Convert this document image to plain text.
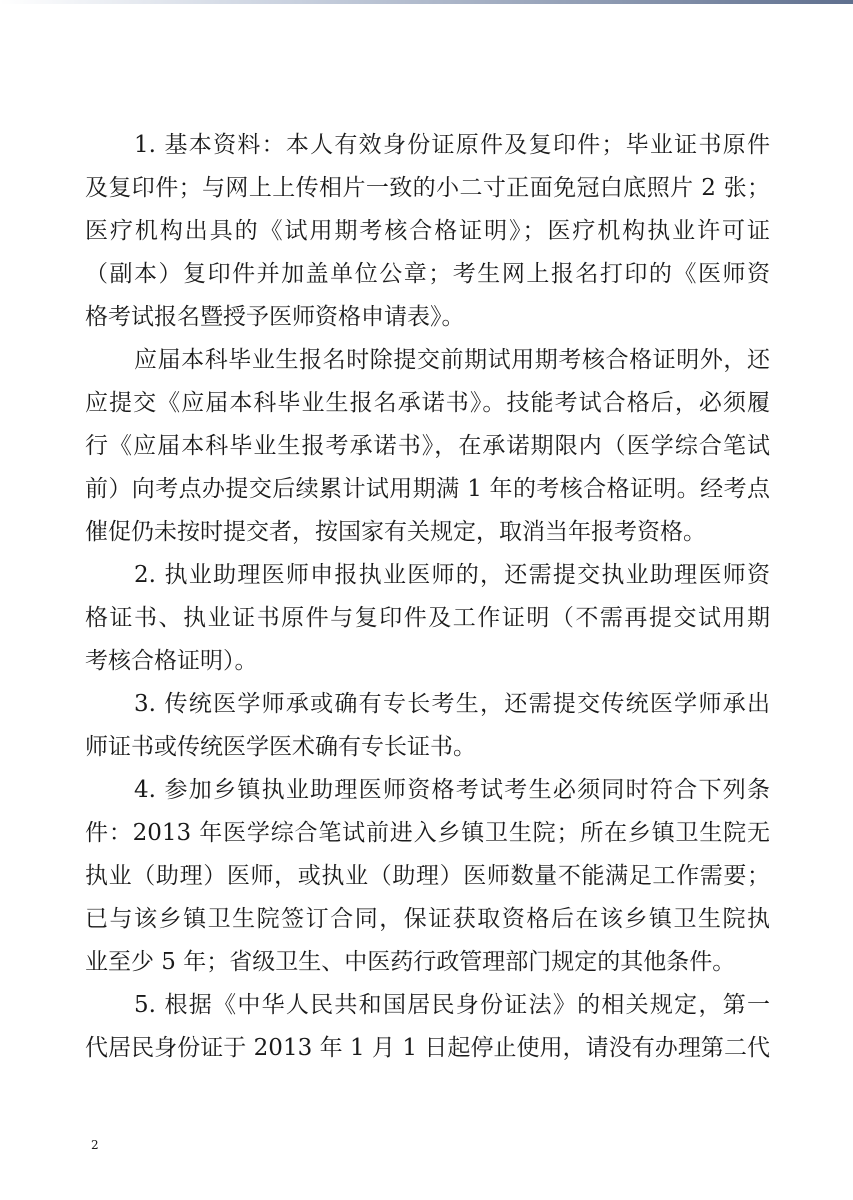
1. 基本资料：本人有效身份证原件及复印件；毕业证书原件

及复印件；与网上上传相片一致的小二寸正面免冠白底照片 2 张；

医疗机构出具的《试用期考核合格证明》；医疗机构执业许可证

（副本）复印件并加盖单位公章；考生网上报名打印的《医师资

格考试报名暨授予医师资格申请表》。

应届本科毕业生报名时除提交前期试用期考核合格证明外，还

应提交《应届本科毕业生报名承诺书》。技能考试合格后，必须履

行《应届本科毕业生报考承诺书》，在承诺期限内（医学综合笔试

前）向考点办提交后续累计试用期满 1 年的考核合格证明。经考点

催促仍未按时提交者，按国家有关规定，取消当年报考资格。

2. 执业助理医师申报执业医师的，还需提交执业助理医师资

格证书、执业证书原件与复印件及工作证明（不需再提交试用期

考核合格证明）。

3. 传统医学师承或确有专长考生，还需提交传统医学师承出

师证书或传统医学医术确有专长证书。

4. 参加乡镇执业助理医师资格考试考生必须同时符合下列条

件：2013 年医学综合笔试前进入乡镇卫生院；所在乡镇卫生院无

执业（助理）医师，或执业（助理）医师数量不能满足工作需要；

已与该乡镇卫生院签订合同，保证获取资格后在该乡镇卫生院执

业至少 5 年；省级卫生、中医药行政管理部门规定的其他条件。

5. 根据《中华人民共和国居民身份证法》的相关规定，第一

代居民身份证于 2013 年 1 月 1 日起停止使用，请没有办理第二代

2
